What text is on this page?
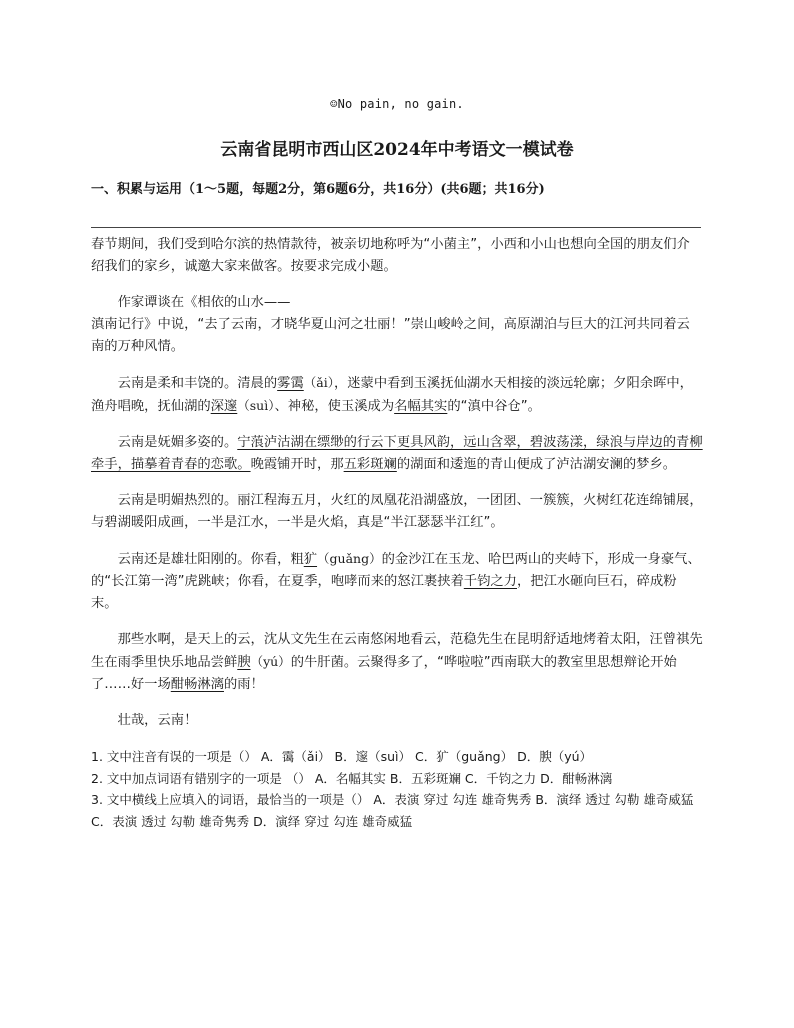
☺No pain, no gain.
云南省昆明市西山区2024年中考语文一模试卷
一、积累与运用（1～5题，每题2分，第6题6分，共16分）(共6题；共16分)

春节期间，我们受到哈尔滨的热情款待，被亲切地称呼为“小菌主”，小西和小山也想向全国的朋友们介绍我们的家乡，诚邀大家来做客。按要求完成小题。

作家谭谈在《相依的山水——

滇南记行》中说，“去了云南，才晓华夏山河之壮丽！”崇山峻岭之间，高原湖泊与巨大的江河共同着云南的万种风情。

云南是柔和丰饶的。清晨的雾霭（ǎi），迷蒙中看到玉溪抚仙湖水天相接的淡远轮廓；夕阳余晖中，渔舟唱晚，抚仙湖的深邃（suì）、神秘，使玉溪成为名幅其实的“滇中谷仓”。

云南是妩媚多姿的。宁蒗泸沽湖在缥缈的行云下更具风韵，远山含翠，碧波荡漾，绿浪与岸边的青柳牵手，描摹着青春的恋歌。晚霞铺开时，那五彩斑斓的湖面和逶迤的青山便成了泸沽湖安澜的梦乡。

云南是明媚热烈的。丽江程海五月，火红的凤凰花沿湖盛放，一团团、一簇簇，火树红花连绵铺展，与碧湖暖阳成画，一半是江水，一半是火焰，真是“半江瑟瑟半江红”。

云南还是雄壮阳刚的。你看，粗犷（guǎng）的金沙江在玉龙、哈巴两山的夹峙下，形成一身豪气、的“长江第一湾”虎跳峡；你看，在夏季，咆哮而来的怒江裹挟着千钧之力，把江水砸向巨石，碎成粉末。

那些水啊，是天上的云，沈从文先生在云南悠闲地看云，范稳先生在昆明舒适地烤着太阳，汪曾祺先生在雨季里快乐地品尝鲜腴（yú）的牛肝菌。云聚得多了，“哗啦啦”西南联大的教室里思想辩论开始了……好一场酣畅淋漓的雨！

壮哉，云南！

1. 文中注音有误的一项是（） A．霭（ǎi） B．邃（suì） C．犷（guǎng） D．腴（yú）

2. 文中加点词语有错别字的一项是 （） A．名幅其实 B．五彩斑斓 C．千钧之力 D．酣畅淋漓

3. 文中横线上应填入的词语，最恰当的一项是（） A．表演 穿过 勾连 雄奇隽秀 B．演绎 透过 勾勒 雄奇威猛 C．表演 透过 勾勒 雄奇隽秀 D．演绎 穿过 勾连 雄奇威猛
